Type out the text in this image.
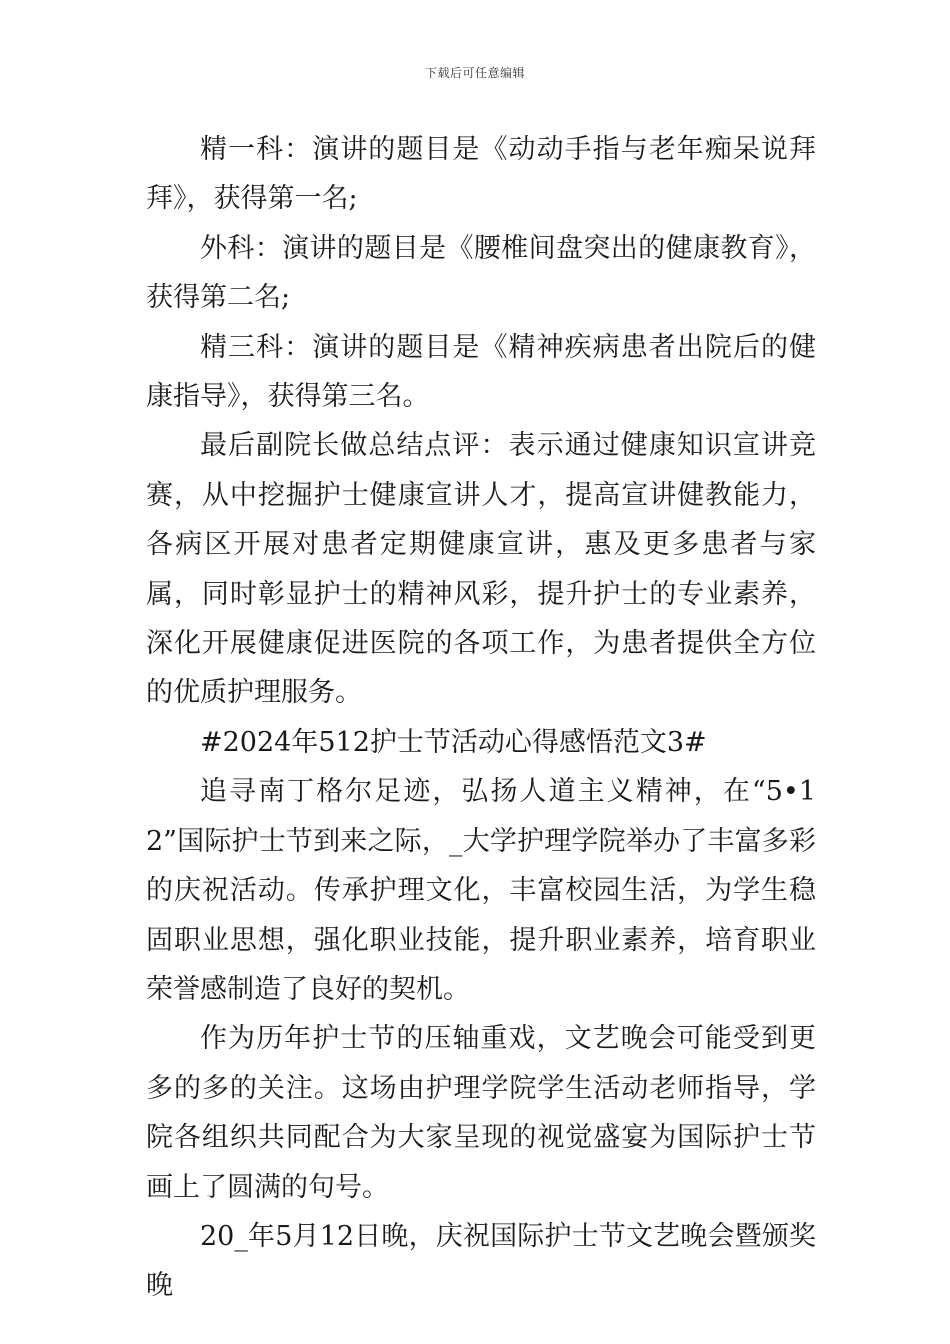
下载后可任意编辑

精一科：演讲的题目是《动动手指与老年痴呆说拜拜》，获得第一名;

外科：演讲的题目是《腰椎间盘突出的健康教育》，获得第二名;

精三科：演讲的题目是《精神疾病患者出院后的健康指导》，获得第三名。

最后副院长做总结点评：表示通过健康知识宣讲竞赛，从中挖掘护士健康宣讲人才，提高宣讲健教能力，各病区开展对患者定期健康宣讲，惠及更多患者与家属，同时彰显护士的精神风彩，提升护士的专业素养，深化开展健康促进医院的各项工作，为患者提供全方位的优质护理服务。

#2024年512护士节活动心得感悟范文3#

追寻南丁格尔足迹，弘扬人道主义精神，在“5•12”国际护士节到来之际，_大学护理学院举办了丰富多彩的庆祝活动。传承护理文化，丰富校园生活，为学生稳固职业思想，强化职业技能，提升职业素养，培育职业荣誉感制造了良好的契机。

作为历年护士节的压轴重戏，文艺晚会可能受到更多的多的关注。这场由护理学院学生活动老师指导，学院各组织共同配合为大家呈现的视觉盛宴为国际护士节画上了圆满的句号。

20_年5月12日晚，庆祝国际护士节文艺晚会暨颁奖晚
